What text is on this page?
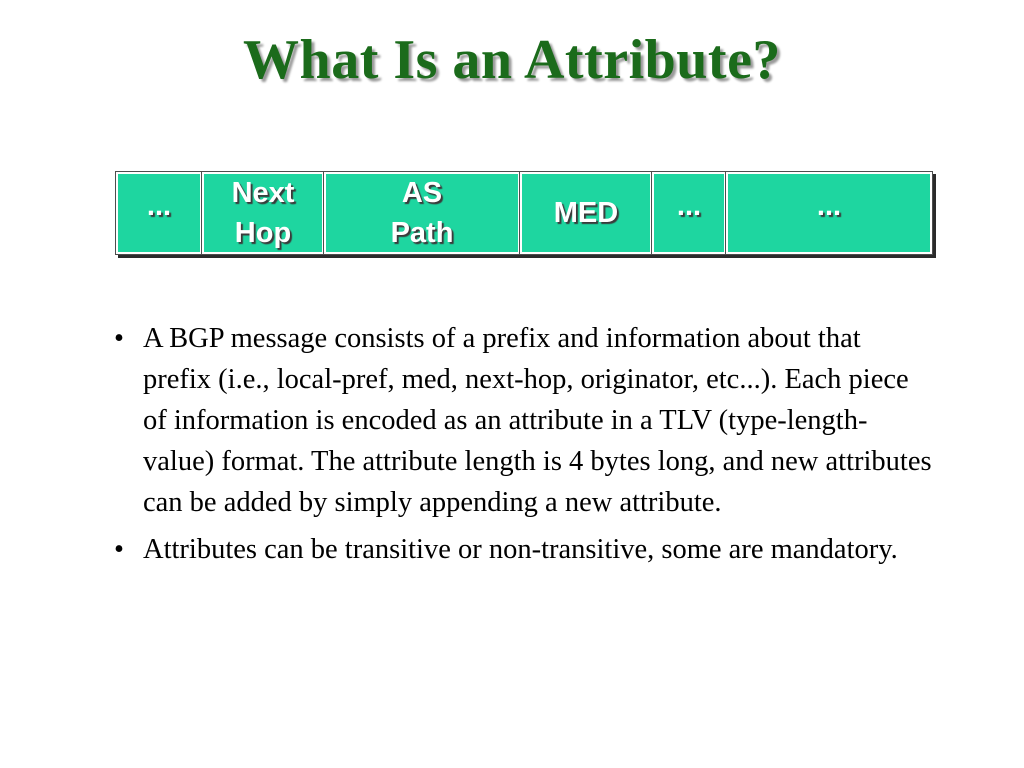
What Is an Attribute?
... Next
Hop
AS
Path
MED ...	...
• A BGP message consists of a prefix and information about that prefix (i.e., local-pref, med, next-hop, originator, etc...). Each piece of information is encoded as an attribute in a TLV (type-length-value) format. The attribute length is 4 bytes long, and new attributes can be added by simply appending a new attribute.
• Attributes can be transitive or non-transitive, some are mandatory.
